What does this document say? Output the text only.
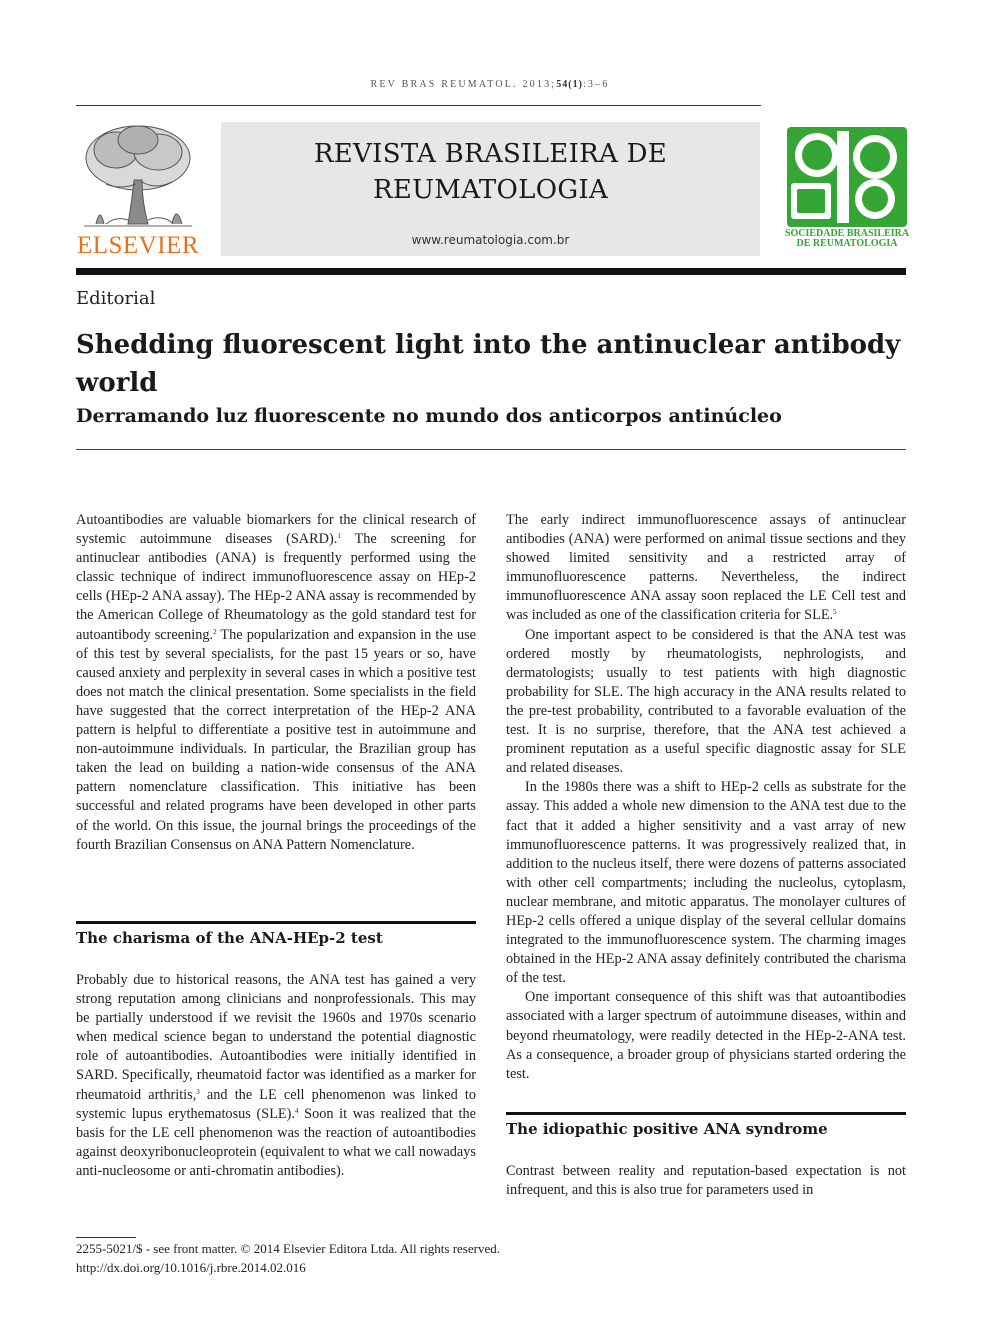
REV BRAS REUMATOL. 2013;54(1):3–6
ELSEVIER
REVISTA BRASILEIRA DE REUMATOLOGIA
www.reumatologia.com.br	SOCIEDADE BRASILEIRA
DE REUMATOLOGIA
Editorial
Shedding fluorescent light into the antinuclear antibody world
Derramando luz fluorescente no mundo dos anticorpos antinúcleo

Autoantibodies are valuable biomarkers for the clinical research of systemic autoimmune diseases (SARD).$^1$ The screening for antinuclear antibodies (ANA) is frequently performed using the classic technique of indirect immunofluorescence assay on HEp-2 cells (HEp-2 ANA assay). The HEp-2 ANA assay is recommended by the American College of Rheumatology as the gold standard test for autoantibody screening.$^2$ The popularization and expansion in the use of this test by several specialists, for the past 15 years or so, have caused anxiety and perplexity in several cases in which a positive test does not match the clinical presentation. Some specialists in the field have suggested that the correct interpretation of the HEp-2 ANA pattern is helpful to differentiate a positive test in autoimmune and non-autoimmune individuals. In particular, the Brazilian group has taken the lead on building a nation-wide consensus of the ANA pattern nomenclature classification. This initiative has been successful and related programs have been developed in other parts of the world. On this issue, the journal brings the proceedings of the fourth Brazilian Consensus on ANA Pattern Nomenclature.

The charisma of the ANA-HEp-2 test

Probably due to historical reasons, the ANA test has gained a very strong reputation among clinicians and nonprofessionals. This may be partially understood if we revisit the 1960s and 1970s scenario when medical science began to understand the potential diagnostic role of autoantibodies. Autoantibodies were initially identified in SARD. Specifically, rheumatoid factor was identified as a marker for rheumatoid arthritis,$^3$ and the LE cell phenomenon was linked to systemic lupus erythematosus (SLE).$^4$ Soon it was realized that the basis for the LE cell phenomenon was the reaction of autoantibodies against deoxyribonucleoprotein (equivalent to what we call nowadays anti-nucleosome or anti-chromatin antibodies).

The early indirect immunofluorescence assays of antinuclear antibodies (ANA) were performed on animal tissue sections and they showed limited sensitivity and a restricted array of immunofluorescence patterns. Nevertheless, the indirect immunofluorescence ANA assay soon replaced the LE Cell test and was included as one of the classification criteria for SLE.$^5$

One important aspect to be considered is that the ANA test was ordered mostly by rheumatologists, nephrologists, and dermatologists; usually to test patients with high diagnostic probability for SLE. The high accuracy in the ANA results related to the pre-test probability, contributed to a favorable evaluation of the test. It is no surprise, therefore, that the ANA test achieved a prominent reputation as a useful specific diagnostic assay for SLE and related diseases.

In the 1980s there was a shift to HEp-2 cells as substrate for the assay. This added a whole new dimension to the ANA test due to the fact that it added a higher sensitivity and a vast array of new immunofluorescence patterns. It was progressively realized that, in addition to the nucleus itself, there were dozens of patterns associated with other cell compartments; including the nucleolus, cytoplasm, nuclear membrane, and mitotic apparatus. The monolayer cultures of HEp-2 cells offered a unique display of the several cellular domains integrated to the immunofluorescence system. The charming images obtained in the HEp-2 ANA assay definitely contributed the charisma of the test.

One important consequence of this shift was that autoantibodies associated with a larger spectrum of autoimmune diseases, within and beyond rheumatology, were readily detected in the HEp-2-ANA test. As a consequence, a broader group of physicians started ordering the test.

The idiopathic positive ANA syndrome

Contrast between reality and reputation-based expectation is not infrequent, and this is also true for parameters used in

2255-5021/$ - see front matter. © 2014 Elsevier Editora Ltda. All rights reserved.
http://dx.doi.org/10.1016/j.rbre.2014.02.016
